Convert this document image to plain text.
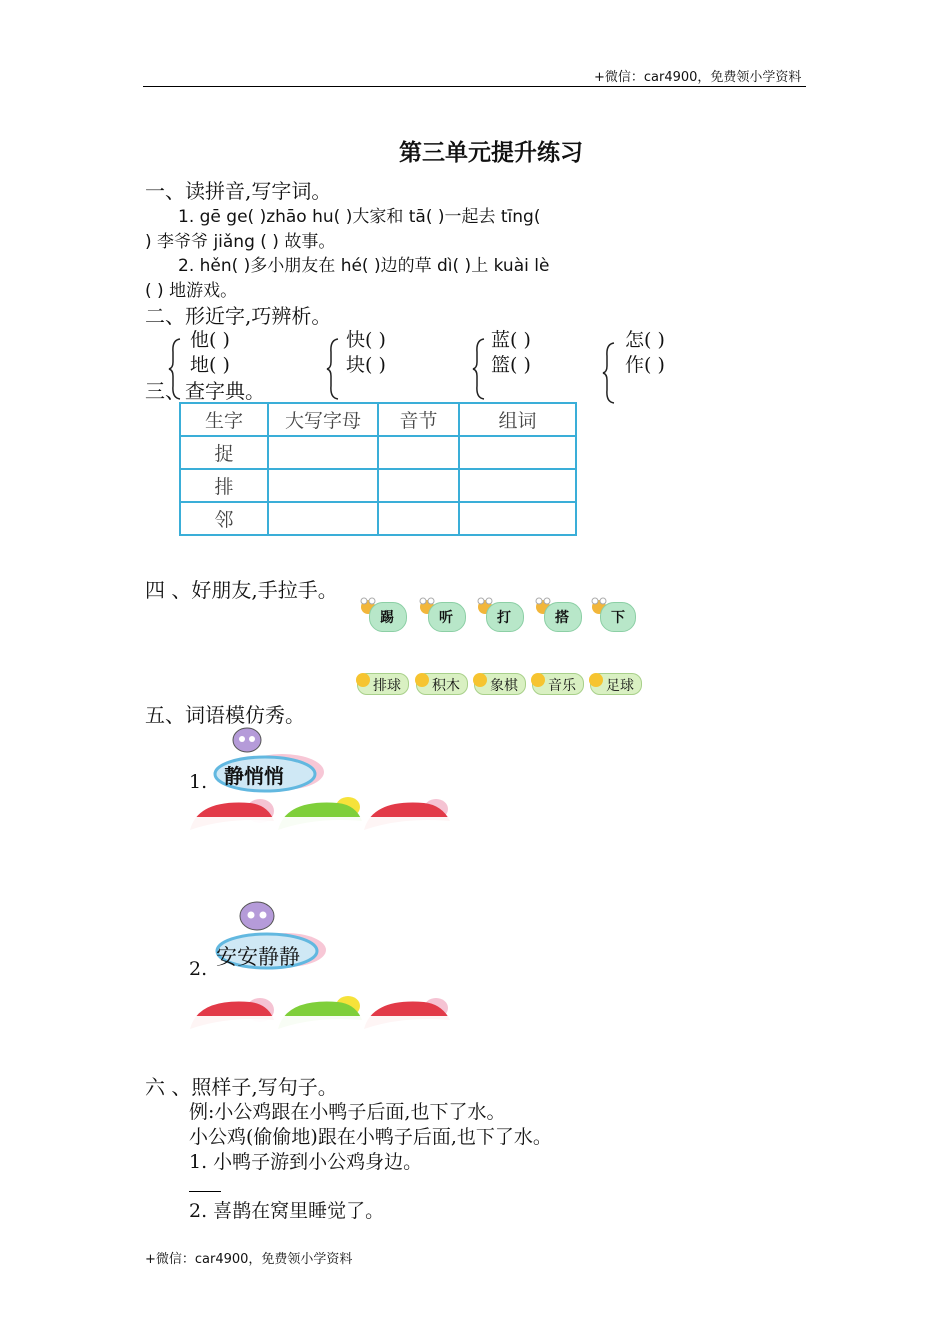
+微信：car4900，免费领小学资料
第三单元提升练习
一、读拼音,写字词。
1. gē ge( )zhāo hu( )大家和 tā( )一起去 tīng(
) 李爷爷 jiǎng ( ) 故事。
2. hěn( )多小朋友在 hé( )边的草 dì( )上 kuài lè
( ) 地游戏。
二、形近字,巧辨析。
他( )
地( )
快( )
块( )
蓝( )
篮( )
怎( )
作( )
三、查字典。
生字	大写字母	音节	组词
捉			
排			
邻			
四 、好朋友,手拉手。
踢	听	打	搭	下
排球 积木 象棋 音乐 足球
五、词语模仿秀。
静悄悄
1.
安安静静
2.
六 、照样子,写句子。
例:小公鸡跟在小鸭子后面,也下了水。
小公鸡(偷偷地)跟在小鸭子后面,也下了水。
1. 小鸭子游到小公鸡身边。
2. 喜鹊在窝里睡觉了。
+微信：car4900，免费领小学资料
